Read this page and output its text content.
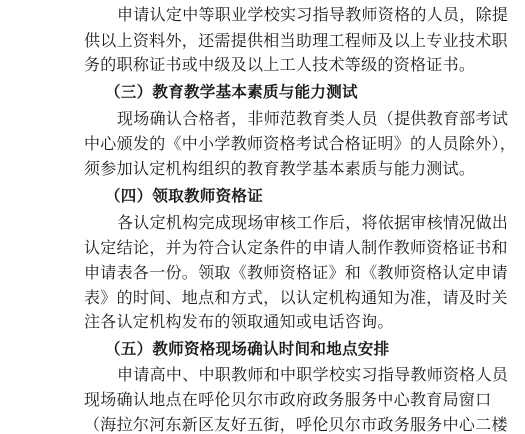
申请认定中等职业学校实习指导教师资格的人员，除提
供以上资料外，还需提供相当助理工程师及以上专业技术职
务的职称证书或中级及以上工人技术等级的资格证书。
（三）教育教学基本素质与能力测试
现场确认合格者，非师范教育类人员（提供教育部考试
中心颁发的《中小学教师资格考试合格证明》的人员除外），
须参加认定机构组织的教育教学基本素质与能力测试。
（四）领取教师资格证
各认定机构完成现场审核工作后，将依据审核情况做出
认定结论，并为符合认定条件的申请人制作教师资格证书和
申请表各一份。领取《教师资格证》和《教师资格认定申请
表》的时间、地点和方式，以认定机构通知为准，请及时关
注各认定机构发布的领取通知或电话咨询。
（五）教师资格现场确认时间和地点安排
申请高中、中职教师和中职学校实习指导教师资格人员
现场确认地点在呼伦贝尔市政府政务服务中心教育局窗口
（海拉尔河东新区友好五街，呼伦贝尔市政务服务中心二楼
